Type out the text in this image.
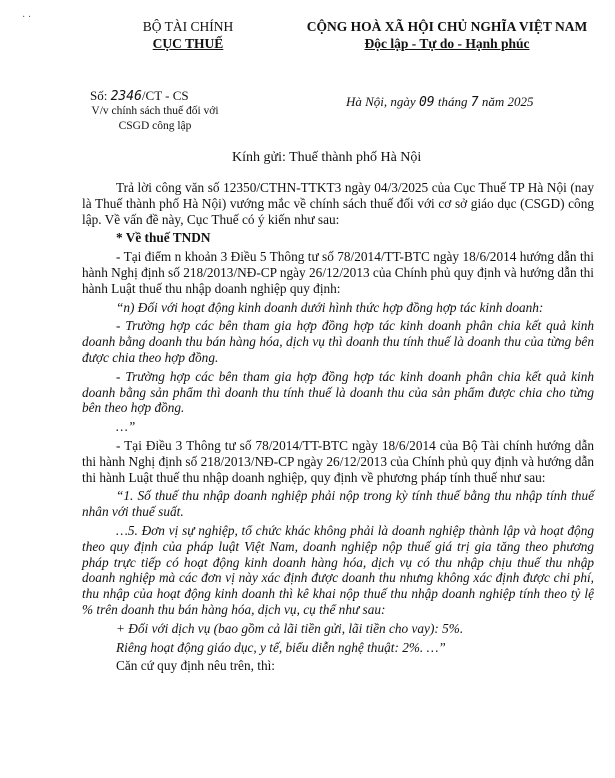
· ·
BỘ TÀI CHÍNH
CỤC THUẾ
CỘNG HOÀ XÃ HỘI CHỦ NGHĨA VIỆT NAM
Độc lập - Tự do - Hạnh phúc
Số: 2346/CT - CS
V/v chính sách thuế đối với
CSGD công lập
Hà Nội, ngày 09 tháng 7 năm 2025
Kính gửi: Thuế thành phố Hà Nội

Trả lời công văn số 12350/CTHN-TTKT3 ngày 04/3/2025 của Cục Thuế TP Hà Nội (nay là Thuế thành phố Hà Nội) vướng mắc về chính sách thuế đối với cơ sở giáo dục (CSGD) công lập. Về vấn đề này, Cục Thuế có ý kiến như sau:

* Về thuế TNDN

- Tại điểm n khoản 3 Điều 5 Thông tư số 78/2014/TT-BTC ngày 18/6/2014 hướng dẫn thi hành Nghị định số 218/2013/NĐ-CP ngày 26/12/2013 của Chính phủ quy định và hướng dẫn thi hành Luật thuế thu nhập doanh nghiệp quy định:

“n) Đối với hoạt động kinh doanh dưới hình thức hợp đồng hợp tác kinh doanh:

- Trường hợp các bên tham gia hợp đồng hợp tác kinh doanh phân chia kết quả kinh doanh bằng doanh thu bán hàng hóa, dịch vụ thì doanh thu tính thuế là doanh thu của từng bên được chia theo hợp đồng.

- Trường hợp các bên tham gia hợp đồng hợp tác kinh doanh phân chia kết quả kinh doanh bằng sản phẩm thì doanh thu tính thuế là doanh thu của sản phẩm được chia cho từng bên theo hợp đồng.

…”

- Tại Điều 3 Thông tư số 78/2014/TT-BTC ngày 18/6/2014 của Bộ Tài chính hướng dẫn thi hành Nghị định số 218/2013/NĐ-CP ngày 26/12/2013 của Chính phủ quy định và hướng dẫn thi hành Luật thuế thu nhập doanh nghiệp, quy định về phương pháp tính thuế như sau:

“1. Số thuế thu nhập doanh nghiệp phải nộp trong kỳ tính thuế bằng thu nhập tính thuế nhân với thuế suất.

…5. Đơn vị sự nghiệp, tổ chức khác không phải là doanh nghiệp thành lập và hoạt động theo quy định của pháp luật Việt Nam, doanh nghiệp nộp thuế giá trị gia tăng theo phương pháp trực tiếp có hoạt động kinh doanh hàng hóa, dịch vụ có thu nhập chịu thuế thu nhập doanh nghiệp mà các đơn vị này xác định được doanh thu nhưng không xác định được chi phí, thu nhập của hoạt động kinh doanh thì kê khai nộp thuế thu nhập doanh nghiệp tính theo tỷ lệ % trên doanh thu bán hàng hóa, dịch vụ, cụ thể như sau:

+ Đối với dịch vụ (bao gồm cả lãi tiền gửi, lãi tiền cho vay): 5%.

Riêng hoạt động giáo dục, y tế, biểu diễn nghệ thuật: 2%. …”

Căn cứ quy định nêu trên, thì:
